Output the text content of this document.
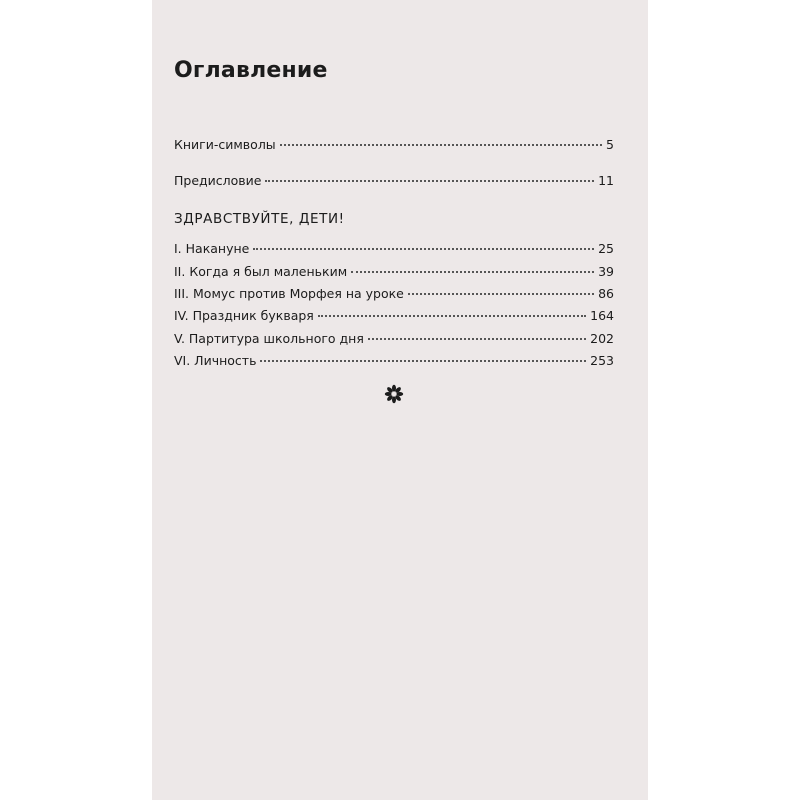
Оглавление
Книги-символы	5
Предисловие	11
ЗДРАВСТВУЙТЕ, ДЕТИ!
I. Накануне	25
II. Когда я был маленьким	39
III. Момус против Морфея на уроке	86
IV. Праздник букваря	164
V. Партитура школьного дня	202
VI. Личность	253
